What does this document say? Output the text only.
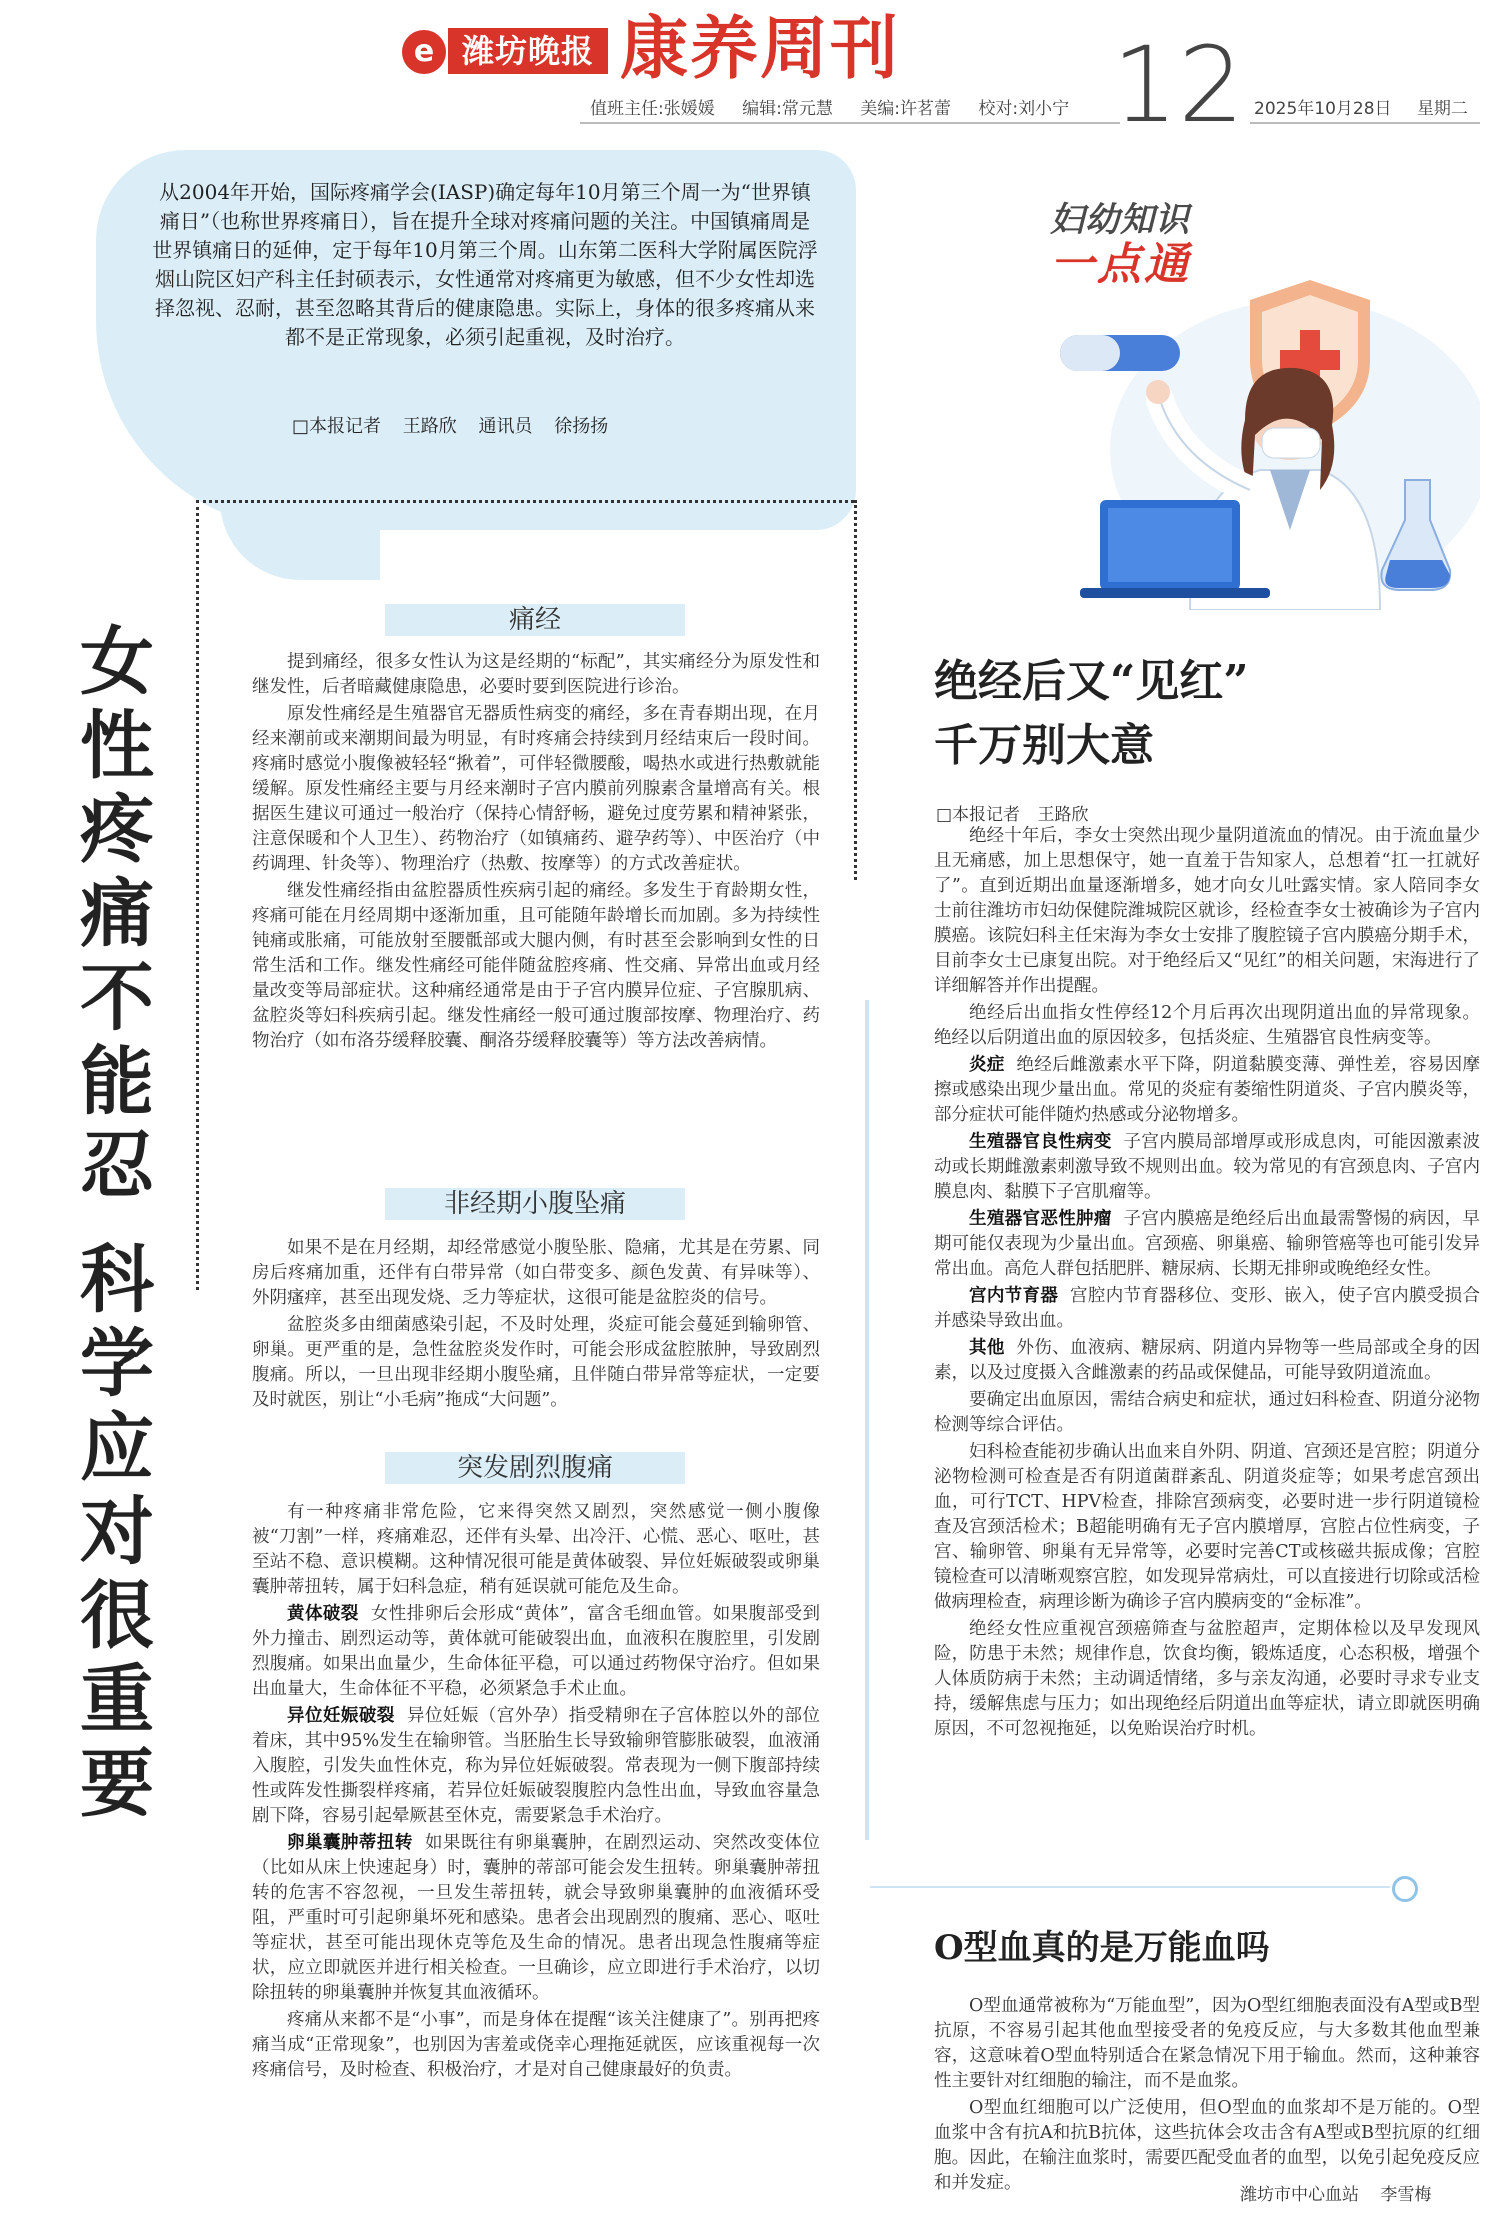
e 潍坊晚报 康养周刊
值班主任:张媛媛 编辑:常元慧 美编:许茗蕾 校对:刘小宁 12 2025年10月28日 星期二
从2004年开始，国际疼痛学会(IASP)确定每年10月第三个周一为“世界镇痛日”（也称世界疼痛日），旨在提升全球对疼痛问题的关注。中国镇痛周是世界镇痛日的延伸，定于每年10月第三个周。山东第二医科大学附属医院浮烟山院区妇产科主任封硕表示，女性通常对疼痛更为敏感，但不少女性却选择忽视、忍耐，甚至忽略其背后的健康隐患。实际上，身体的很多疼痛从来都不是正常现象，必须引起重视，及时治疗。
□本报记者 王路欣 通讯员 徐扬扬
女
性
疼
痛
不
能
忍
科
学
应
对
很
重
要
痛经

提到痛经，很多女性认为这是经期的“标配”，其实痛经分为原发性和继发性，后者暗藏健康隐患，必要时要到医院进行诊治。

原发性痛经是生殖器官无器质性病变的痛经，多在青春期出现，在月经来潮前或来潮期间最为明显，有时疼痛会持续到月经结束后一段时间。疼痛时感觉小腹像被轻轻“揪着”，可伴轻微腰酸，喝热水或进行热敷就能缓解。原发性痛经主要与月经来潮时子宫内膜前列腺素含量增高有关。根据医生建议可通过一般治疗（保持心情舒畅，避免过度劳累和精神紧张，注意保暖和个人卫生）、药物治疗（如镇痛药、避孕药等）、中医治疗（中药调理、针灸等）、物理治疗（热敷、按摩等）的方式改善症状。

继发性痛经指由盆腔器质性疾病引起的痛经。多发生于育龄期女性，疼痛可能在月经周期中逐渐加重，且可能随年龄增长而加剧。多为持续性钝痛或胀痛，可能放射至腰骶部或大腿内侧，有时甚至会影响到女性的日常生活和工作。继发性痛经可能伴随盆腔疼痛、性交痛、异常出血或月经量改变等局部症状。这种痛经通常是由于子宫内膜异位症、子宫腺肌病、盆腔炎等妇科疾病引起。继发性痛经一般可通过腹部按摩、物理治疗、药物治疗（如布洛芬缓释胶囊、酮洛芬缓释胶囊等）等方法改善病情。

非经期小腹坠痛

如果不是在月经期，却经常感觉小腹坠胀、隐痛，尤其是在劳累、同房后疼痛加重，还伴有白带异常（如白带变多、颜色发黄、有异味等）、外阴瘙痒，甚至出现发烧、乏力等症状，这很可能是盆腔炎的信号。

盆腔炎多由细菌感染引起，不及时处理，炎症可能会蔓延到输卵管、卵巢。更严重的是，急性盆腔炎发作时，可能会形成盆腔脓肿，导致剧烈腹痛。所以，一旦出现非经期小腹坠痛，且伴随白带异常等症状，一定要及时就医，别让“小毛病”拖成“大问题”。

突发剧烈腹痛

有一种疼痛非常危险，它来得突然又剧烈，突然感觉一侧小腹像被“刀割”一样，疼痛难忍，还伴有头晕、出冷汗、心慌、恶心、呕吐，甚至站不稳、意识模糊。这种情况很可能是黄体破裂、异位妊娠破裂或卵巢囊肿蒂扭转，属于妇科急症，稍有延误就可能危及生命。

黄体破裂 女性排卵后会形成“黄体”，富含毛细血管。如果腹部受到外力撞击、剧烈运动等，黄体就可能破裂出血，血液积在腹腔里，引发剧烈腹痛。如果出血量少，生命体征平稳，可以通过药物保守治疗。但如果出血量大，生命体征不平稳，必须紧急手术止血。

异位妊娠破裂 异位妊娠（宫外孕）指受精卵在子宫体腔以外的部位着床，其中95%发生在输卵管。当胚胎生长导致输卵管膨胀破裂，血液涌入腹腔，引发失血性休克，称为异位妊娠破裂。常表现为一侧下腹部持续性或阵发性撕裂样疼痛，若异位妊娠破裂腹腔内急性出血，导致血容量急剧下降，容易引起晕厥甚至休克，需要紧急手术治疗。

卵巢囊肿蒂扭转 如果既往有卵巢囊肿，在剧烈运动、突然改变体位（比如从床上快速起身）时，囊肿的蒂部可能会发生扭转。卵巢囊肿蒂扭转的危害不容忽视，一旦发生蒂扭转，就会导致卵巢囊肿的血液循环受阻，严重时可引起卵巢坏死和感染。患者会出现剧烈的腹痛、恶心、呕吐等症状，甚至可能出现休克等危及生命的情况。患者出现急性腹痛等症状，应立即就医并进行相关检查。一旦确诊，应立即进行手术治疗，以切除扭转的卵巢囊肿并恢复其血液循环。

疼痛从来都不是“小事”，而是身体在提醒“该关注健康了”。别再把疼痛当成“正常现象”，也别因为害羞或侥幸心理拖延就医，应该重视每一次疼痛信号，及时检查、积极治疗，才是对自己健康最好的负责。

妇幼知识
一点通
绝经后又“见红”
千万别大意
□本报记者 王路欣

绝经十年后，李女士突然出现少量阴道流血的情况。由于流血量少且无痛感，加上思想保守，她一直羞于告知家人，总想着“扛一扛就好了”。直到近期出血量逐渐增多，她才向女儿吐露实情。家人陪同李女士前往潍坊市妇幼保健院潍城院区就诊，经检查李女士被确诊为子宫内膜癌。该院妇科主任宋海为李女士安排了腹腔镜子宫内膜癌分期手术，目前李女士已康复出院。对于绝经后又“见红”的相关问题，宋海进行了详细解答并作出提醒。

绝经后出血指女性停经12个月后再次出现阴道出血的异常现象。绝经以后阴道出血的原因较多，包括炎症、生殖器官良性病变等。

炎症 绝经后雌激素水平下降，阴道黏膜变薄、弹性差，容易因摩擦或感染出现少量出血。常见的炎症有萎缩性阴道炎、子宫内膜炎等，部分症状可能伴随灼热感或分泌物增多。

生殖器官良性病变 子宫内膜局部增厚或形成息肉，可能因激素波动或长期雌激素刺激导致不规则出血。较为常见的有宫颈息肉、子宫内膜息肉、黏膜下子宫肌瘤等。

生殖器官恶性肿瘤 子宫内膜癌是绝经后出血最需警惕的病因，早期可能仅表现为少量出血。宫颈癌、卵巢癌、输卵管癌等也可能引发异常出血。高危人群包括肥胖、糖尿病、长期无排卵或晚绝经女性。

宫内节育器 宫腔内节育器移位、变形、嵌入，使子宫内膜受损合并感染导致出血。

其他 外伤、血液病、糖尿病、阴道内异物等一些局部或全身的因素，以及过度摄入含雌激素的药品或保健品，可能导致阴道流血。

要确定出血原因，需结合病史和症状，通过妇科检查、阴道分泌物检测等综合评估。

妇科检查能初步确认出血来自外阴、阴道、宫颈还是宫腔；阴道分泌物检测可检查是否有阴道菌群紊乱、阴道炎症等；如果考虑宫颈出血，可行TCT、HPV检查，排除宫颈病变，必要时进一步行阴道镜检查及宫颈活检术；B超能明确有无子宫内膜增厚，宫腔占位性病变，子宫、输卵管、卵巢有无异常等，必要时完善CT或核磁共振成像；宫腔镜检查可以清晰观察宫腔，如发现异常病灶，可以直接进行切除或活检做病理检查，病理诊断为确诊子宫内膜病变的“金标准”。

绝经女性应重视宫颈癌筛查与盆腔超声，定期体检以及早发现风险，防患于未然；规律作息，饮食均衡，锻炼适度，心态积极，增强个人体质防病于未然；主动调适情绪，多与亲友沟通，必要时寻求专业支持，缓解焦虑与压力；如出现绝经后阴道出血等症状，请立即就医明确原因，不可忽视拖延，以免贻误治疗时机。

O型血真的是万能血吗

O型血通常被称为“万能血型”，因为O型红细胞表面没有A型或B型抗原，不容易引起其他血型接受者的免疫反应，与大多数其他血型兼容，这意味着O型血特别适合在紧急情况下用于输血。然而，这种兼容性主要针对红细胞的输注，而不是血浆。

O型血红细胞可以广泛使用，但O型血的血浆却不是万能的。O型血浆中含有抗A和抗B抗体，这些抗体会攻击含有A型或B型抗原的红细胞。因此，在输注血浆时，需要匹配受血者的血型，以免引起免疫反应和并发症。

潍坊市中心血站 李雪梅
